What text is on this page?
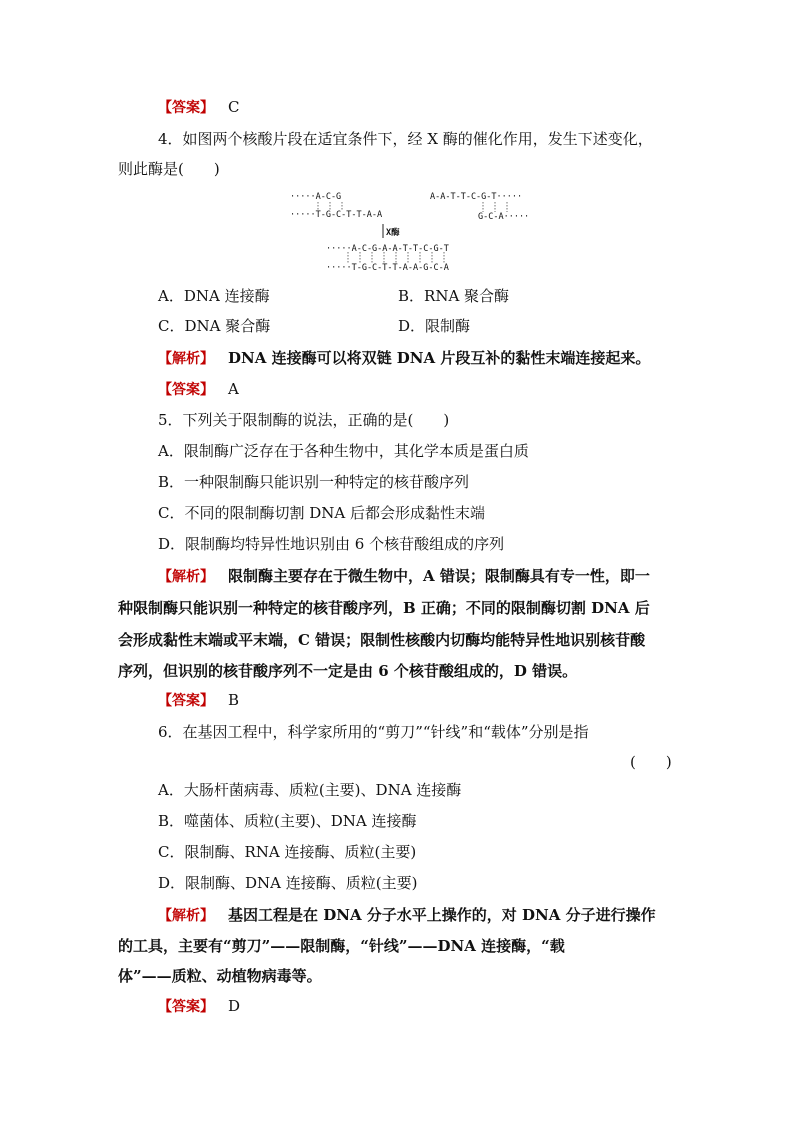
【答案】 C
4．如图两个核酸片段在适宜条件下，经 X 酶的催化作用，发生下述变化，
则此酶是(　　)
·····A-C-G
·····T-G-C-T-T-A-A
A-A-T-T-C-G-T·····
G-C-A·····
X酶
·····A-C-G-A-A-T-T-C-G-T
·····T-G-C-T-T-A-A-G-C-A
A．DNA 连接酶	B．RNA 聚合酶
C．DNA 聚合酶	D．限制酶
【解析】 DNA 连接酶可以将双链 DNA 片段互补的黏性末端连接起来。
【答案】 A
5．下列关于限制酶的说法，正确的是(　　)
A．限制酶广泛存在于各种生物中，其化学本质是蛋白质
B．一种限制酶只能识别一种特定的核苷酸序列
C．不同的限制酶切割 DNA 后都会形成黏性末端
D．限制酶均特异性地识别由 6 个核苷酸组成的序列
【解析】 限制酶主要存在于微生物中，A 错误；限制酶具有专一性，即一
种限制酶只能识别一种特定的核苷酸序列，B 正确；不同的限制酶切割 DNA 后
会形成黏性末端或平末端，C 错误；限制性核酸内切酶均能特异性地识别核苷酸
序列，但识别的核苷酸序列不一定是由 6 个核苷酸组成的，D 错误。
【答案】 B
6．在基因工程中，科学家所用的“剪刀”“针线”和“载体”分别是指
(　　)
A．大肠杆菌病毒、质粒(主要)、DNA 连接酶
B．噬菌体、质粒(主要)、DNA 连接酶
C．限制酶、RNA 连接酶、质粒(主要)
D．限制酶、DNA 连接酶、质粒(主要)
【解析】 基因工程是在 DNA 分子水平上操作的，对 DNA 分子进行操作
的工具，主要有“剪刀”——限制酶，“针线”——DNA 连接酶，“载
体”——质粒、动植物病毒等。
【答案】 D
